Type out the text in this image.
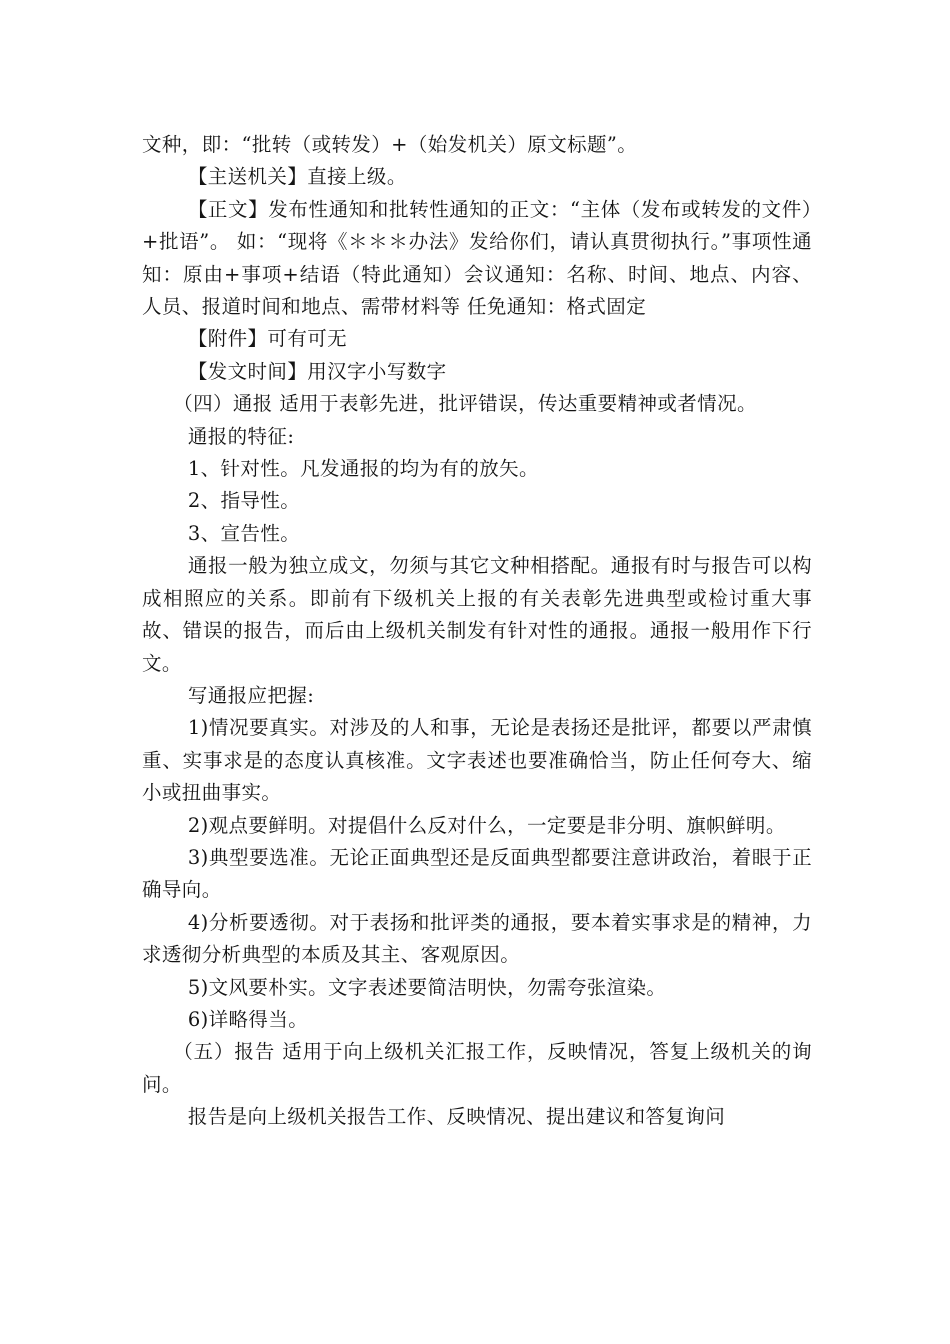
文种，即：“批转（或转发）+（始发机关）原文标题”。

【主送机关】直接上级。

【正文】发布性通知和批转性通知的正文：“主体（发布或转发的文件）+批语”。 如：“现将《＊＊＊办法》发给你们，请认真贯彻执行。”事项性通知：原由+事项+结语（特此通知）会议通知：名称、时间、地点、内容、人员、报道时间和地点、需带材料等 任免通知：格式固定

【附件】可有可无

【发文时间】用汉字小写数字

（四）通报 适用于表彰先进，批评错误，传达重要精神或者情况。

通报的特征:

1、针对性。凡发通报的均为有的放矢。

2、指导性。

3、宣告性。

通报一般为独立成文，勿须与其它文种相搭配。通报有时与报告可以构成相照应的关系。即前有下级机关上报的有关表彰先进典型或检讨重大事故、错误的报告，而后由上级机关制发有针对性的通报。通报一般用作下行文。

写通报应把握:

1)情况要真实。对涉及的人和事，无论是表扬还是批评，都要以严肃慎重、实事求是的态度认真核准。文字表述也要准确恰当，防止任何夸大、缩小或扭曲事实。

2)观点要鲜明。对提倡什么反对什么，一定要是非分明、旗帜鲜明。

3)典型要选准。无论正面典型还是反面典型都要注意讲政治，着眼于正确导向。

4)分析要透彻。对于表扬和批评类的通报，要本着实事求是的精神，力求透彻分析典型的本质及其主、客观原因。

5)文风要朴实。文字表述要简洁明快，勿需夸张渲染。

6)详略得当。

（五）报告 适用于向上级机关汇报工作，反映情况，答复上级机关的询问。

报告是向上级机关报告工作、反映情况、提出建议和答复询问
